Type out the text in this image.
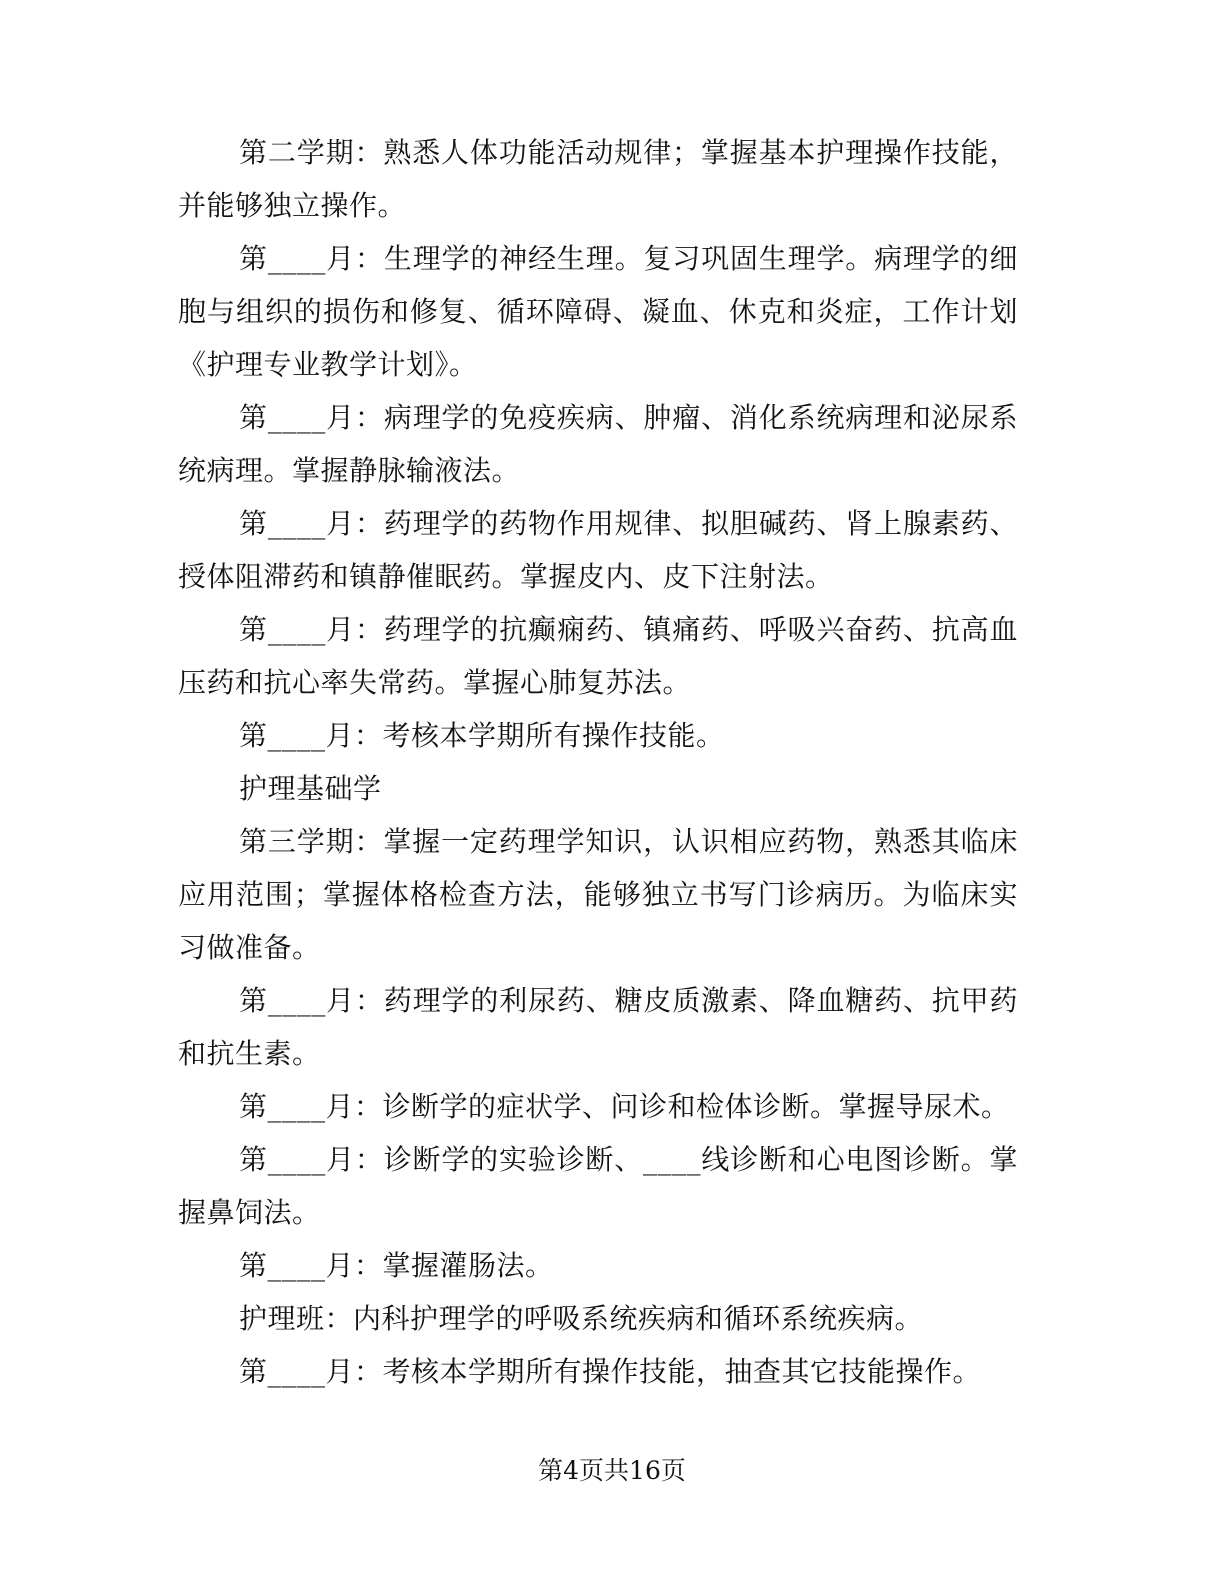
第二学期：熟悉人体功能活动规律；掌握基本护理操作技能，并能够独立操作。

第____月：生理学的神经生理。复习巩固生理学。病理学的细胞与组织的损伤和修复、循环障碍、凝血、休克和炎症，工作计划《护理专业教学计划》。

第____月：病理学的免疫疾病、肿瘤、消化系统病理和泌尿系统病理。掌握静脉输液法。

第____月：药理学的药物作用规律、拟胆碱药、肾上腺素药、授体阻滞药和镇静催眠药。掌握皮内、皮下注射法。

第____月：药理学的抗癫痫药、镇痛药、呼吸兴奋药、抗高血压药和抗心率失常药。掌握心肺复苏法。

第____月：考核本学期所有操作技能。

护理基础学

第三学期：掌握一定药理学知识，认识相应药物，熟悉其临床应用范围；掌握体格检查方法，能够独立书写门诊病历。为临床实习做准备。

第____月：药理学的利尿药、糖皮质激素、降血糖药、抗甲药和抗生素。

第____月：诊断学的症状学、问诊和检体诊断。掌握导尿术。

第____月：诊断学的实验诊断、____线诊断和心电图诊断。掌握鼻饲法。

第____月：掌握灌肠法。

护理班：内科护理学的呼吸系统疾病和循环系统疾病。

第____月：考核本学期所有操作技能，抽查其它技能操作。

第4页共16页
